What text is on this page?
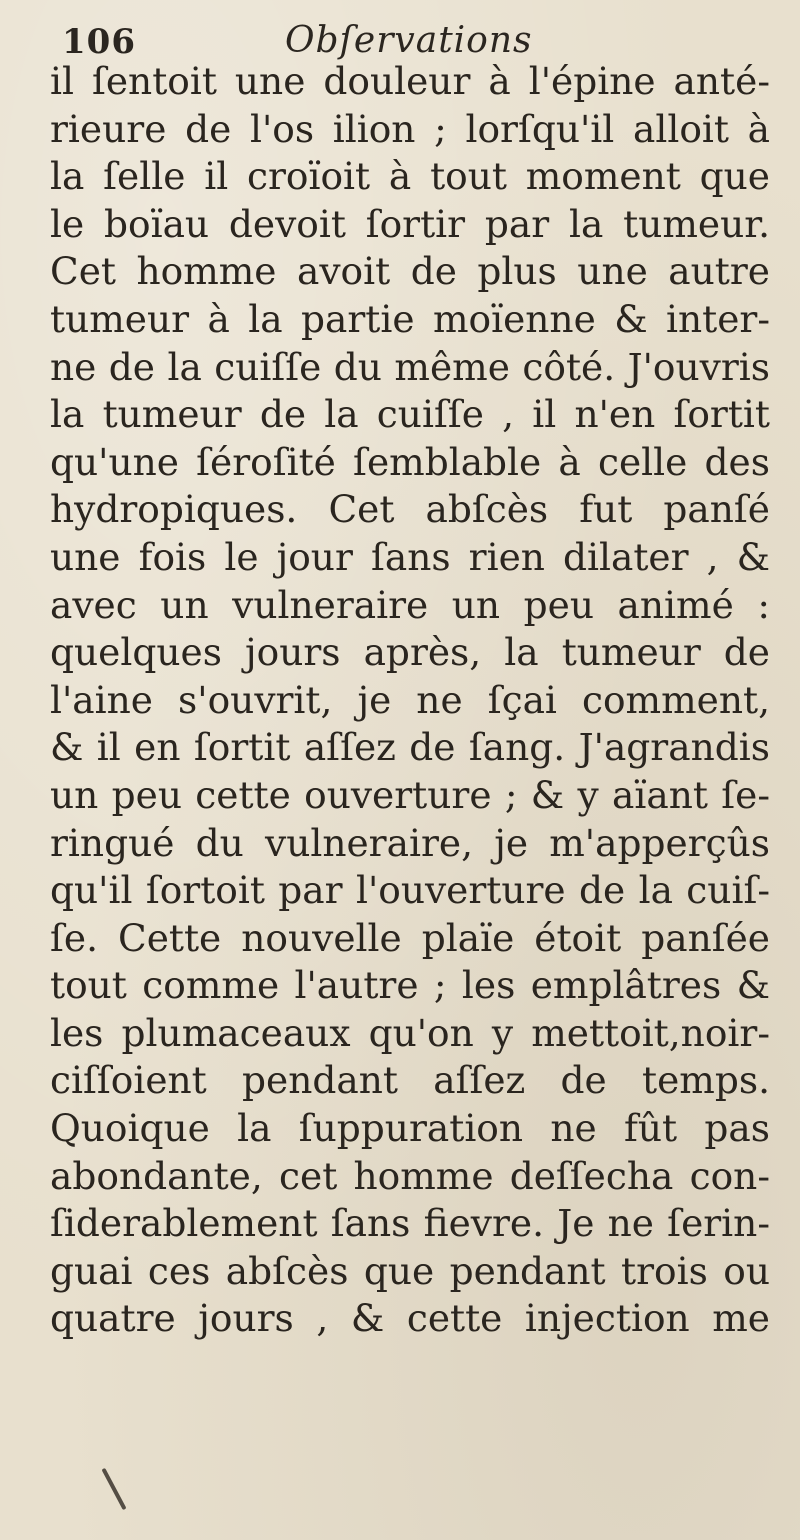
106	Obſervations
il ſentoit une douleur à l'épine anté-
rieure de l'os ilion ; lorſqu'il alloit à
la ſelle il croïoit à tout moment que
le boïau devoit ſortir par la tumeur.
Cet homme avoit de plus une autre
tumeur à la partie moïenne & inter-
ne de la cuiſſe du même côté. J'ouvris
la tumeur de la cuiſſe , il n'en ſortit
qu'une ſéroſité ſemblable à celle des
hydropiques. Cet abſcès fut panſé
une fois le jour ſans rien dilater , &
avec un vulneraire un peu animé :
quelques jours après, la tumeur de
l'aine s'ouvrit, je ne ſçai comment,
& il en ſortit aſſez de ſang. J'agrandis
un peu cette ouverture ; & y aïant ſe-
ringué du vulneraire, je m'apperçûs
qu'il ſortoit par l'ouverture de la cuiſ-
ſe. Cette nouvelle plaïe étoit panſée
tout comme l'autre ; les emplâtres &
les plumaceaux qu'on y mettoit,noir-
ciſſoient pendant aſſez de temps.
Quoique la ſuppuration ne fût pas
abondante, cet homme deſſecha con-
ſiderablement ſans fievre. Je ne ſerin-
guai ces abſcès que pendant trois ou
quatre jours , & cette injection me
